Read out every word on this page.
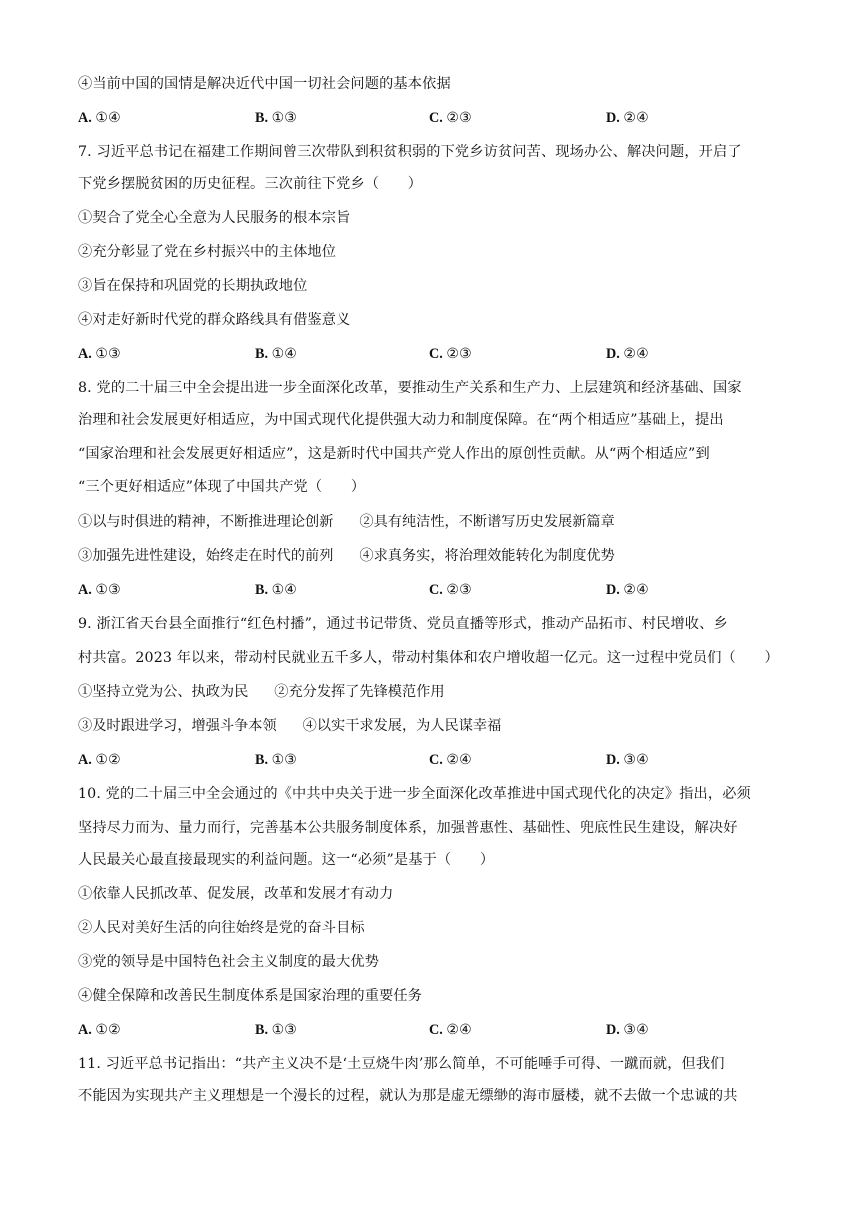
④当前中国的国情是解决近代中国一切社会问题的基本依据
A. ①④	B. ①③	C. ②③	D. ②④
7. 习近平总书记在福建工作期间曾三次带队到积贫积弱的下党乡访贫问苦、现场办公、解决问题，开启了
下党乡摆脱贫困的历史征程。三次前往下党乡（　　）
①契合了党全心全意为人民服务的根本宗旨
②充分彰显了党在乡村振兴中的主体地位
③旨在保持和巩固党的长期执政地位
④对走好新时代党的群众路线具有借鉴意义
A. ①③	B. ①④	C. ②③	D. ②④
8. 党的二十届三中全会提出进一步全面深化改革，要推动生产关系和生产力、上层建筑和经济基础、国家
治理和社会发展更好相适应，为中国式现代化提供强大动力和制度保障。在“两个相适应”基础上，提出
“国家治理和社会发展更好相适应”，这是新时代中国共产党人作出的原创性贡献。从“两个相适应”到
“三个更好相适应”体现了中国共产党（　　）
①以与时俱进的精神，不断推进理论创新 ②具有纯洁性，不断谱写历史发展新篇章
③加强先进性建设，始终走在时代的前列 ④求真务实，将治理效能转化为制度优势
A. ①③	B. ①④	C. ②③	D. ②④
9. 浙江省天台县全面推行“红色村播”，通过书记带货、党员直播等形式，推动产品拓市、村民增收、乡
村共富。2023 年以来，带动村民就业五千多人，带动村集体和农户增收超一亿元。这一过程中党员们（　　）
①坚持立党为公、执政为民 ②充分发挥了先锋模范作用
③及时跟进学习，增强斗争本领 ④以实干求发展，为人民谋幸福
A. ①②	B. ①③	C. ②④	D. ③④
10. 党的二十届三中全会通过的《中共中央关于进一步全面深化改革推进中国式现代化的决定》指出，必须
坚持尽力而为、量力而行，完善基本公共服务制度体系，加强普惠性、基础性、兜底性民生建设，解决好
人民最关心最直接最现实的利益问题。这一“必须”是基于（　　）
①依靠人民抓改革、促发展，改革和发展才有动力
②人民对美好生活的向往始终是党的奋斗目标
③党的领导是中国特色社会主义制度的最大优势
④健全保障和改善民生制度体系是国家治理的重要任务
A. ①②	B. ①③	C. ②④	D. ③④
11. 习近平总书记指出：“共产主义决不是‘土豆烧牛肉’那么简单，不可能唾手可得、一蹴而就，但我们
不能因为实现共产主义理想是一个漫长的过程，就认为那是虚无缥缈的海市蜃楼，就不去做一个忠诚的共
